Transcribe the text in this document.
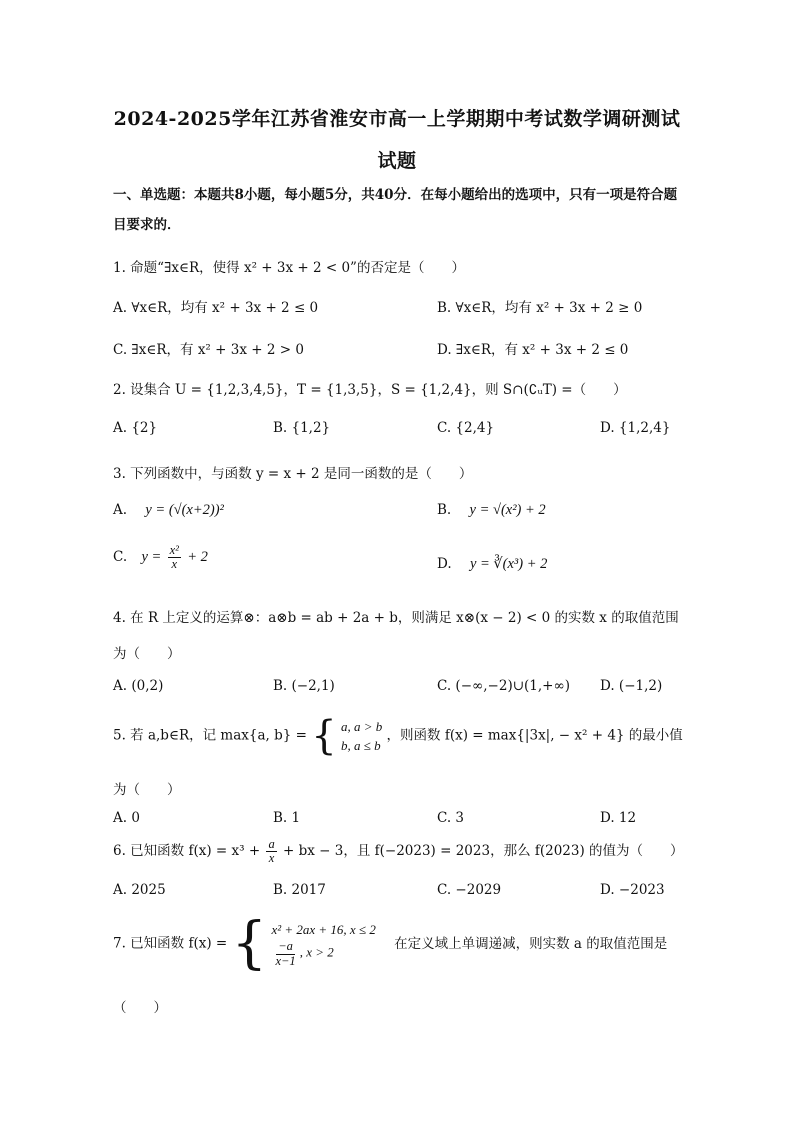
2024-2025学年江苏省淮安市高一上学期期中考试数学调研测试
试题
一、单选题：本题共8小题，每小题5分，共40分．在每小题给出的选项中，只有一项是符合题目要求的．
1. 命题“∃x∈R，使得 x² + 3x + 2 < 0”的否定是（　　）
A. ∀x∈R，均有 x² + 3x + 2 ≤ 0	B. ∀x∈R，均有 x² + 3x + 2 ≥ 0
C. ∃x∈R，有 x² + 3x + 2 > 0	D. ∃x∈R，有 x² + 3x + 2 ≤ 0
2. 设集合 U = {1,2,3,4,5}，T = {1,3,5}，S = {1,2,4}，则 S∩(∁ᵤT) =（　　）
A. {2}	B. {1,2}	C. {2,4}	D. {1,2,4}
3. 下列函数中，与函数 y = x + 2 是同一函数的是（　　）
A. y = (√(x+2))²	B. y = √(x²) + 2
C. $y = \frac{\text{x²}}{x} + 2$	D. y = ∛(x³) + 2
4. 在 R 上定义的运算⊗：a⊗b = ab + 2a + b，则满足 x⊗(x − 2) < 0 的实数 x 的取值范围
为（　　）
A. (0,2)	B. (−2,1)	C. (−∞,−2)∪(1,+∞) D. (−1,2)
5. 若 a,b∈R，记 max{a, b} = { a, a > b
b, a ≤ b
，则函数 f(x) = max{|3x|, − x² + 4} 的最小值
为（　　）
A. 0	B. 1	C. 3	D. 12
6. 已知函数 $f(x) = x^3 + \frac{a}{x}$ + bx − 3，且 f(−2023) = 2023，那么 f(2023) 的值为（　　）
A. 2025	B. 2017	C. −2029	D. −2023
7. 已知函数 f(x) = { x² + 2ax + 16, x ≤ 2
$\frac{-a}{x-1}$ , x > 2
在定义域上单调递减，则实数 a 的取值范围是
（　　）
